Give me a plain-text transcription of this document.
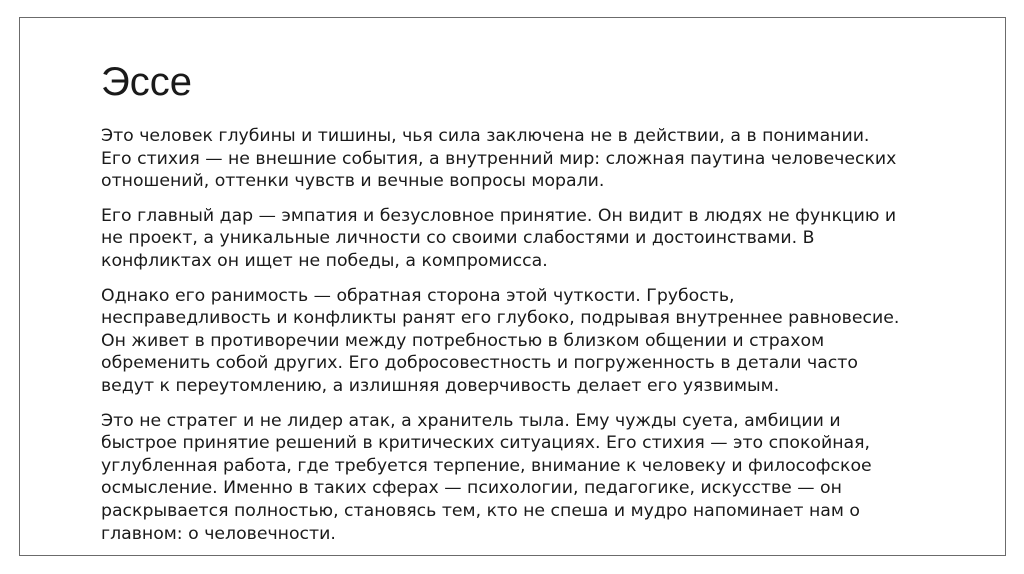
Эссе

Это человек глубины и тишины, чья сила заключена не в действии, а в понимании. Его стихия — не внешние события, а внутренний мир: сложная паутина человеческих отношений, оттенки чувств и вечные вопросы морали.

Его главный дар — эмпатия и безусловное принятие. Он видит в людях не функцию и не проект, а уникальные личности со своими слабостями и достоинствами. В конфликтах он ищет не победы, а компромисса.

Однако его ранимость — обратная сторона этой чуткости. Грубость, несправедливость и конфликты ранят его глубоко, подрывая внутреннее равновесие. Он живет в противоречии между потребностью в близком общении и страхом обременить собой других. Его добросовестность и погруженность в детали часто ведут к переутомлению, а излишняя доверчивость делает его уязвимым.

Это не стратег и не лидер атак, а хранитель тыла. Ему чужды суета, амбиции и быстрое принятие решений в критических ситуациях. Его стихия — это спокойная, углубленная работа, где требуется терпение, внимание к человеку и философское осмысление. Именно в таких сферах — психологии, педагогике, искусстве — он раскрывается полностью, становясь тем, кто не спеша и мудро напоминает нам о главном: о человечности.
